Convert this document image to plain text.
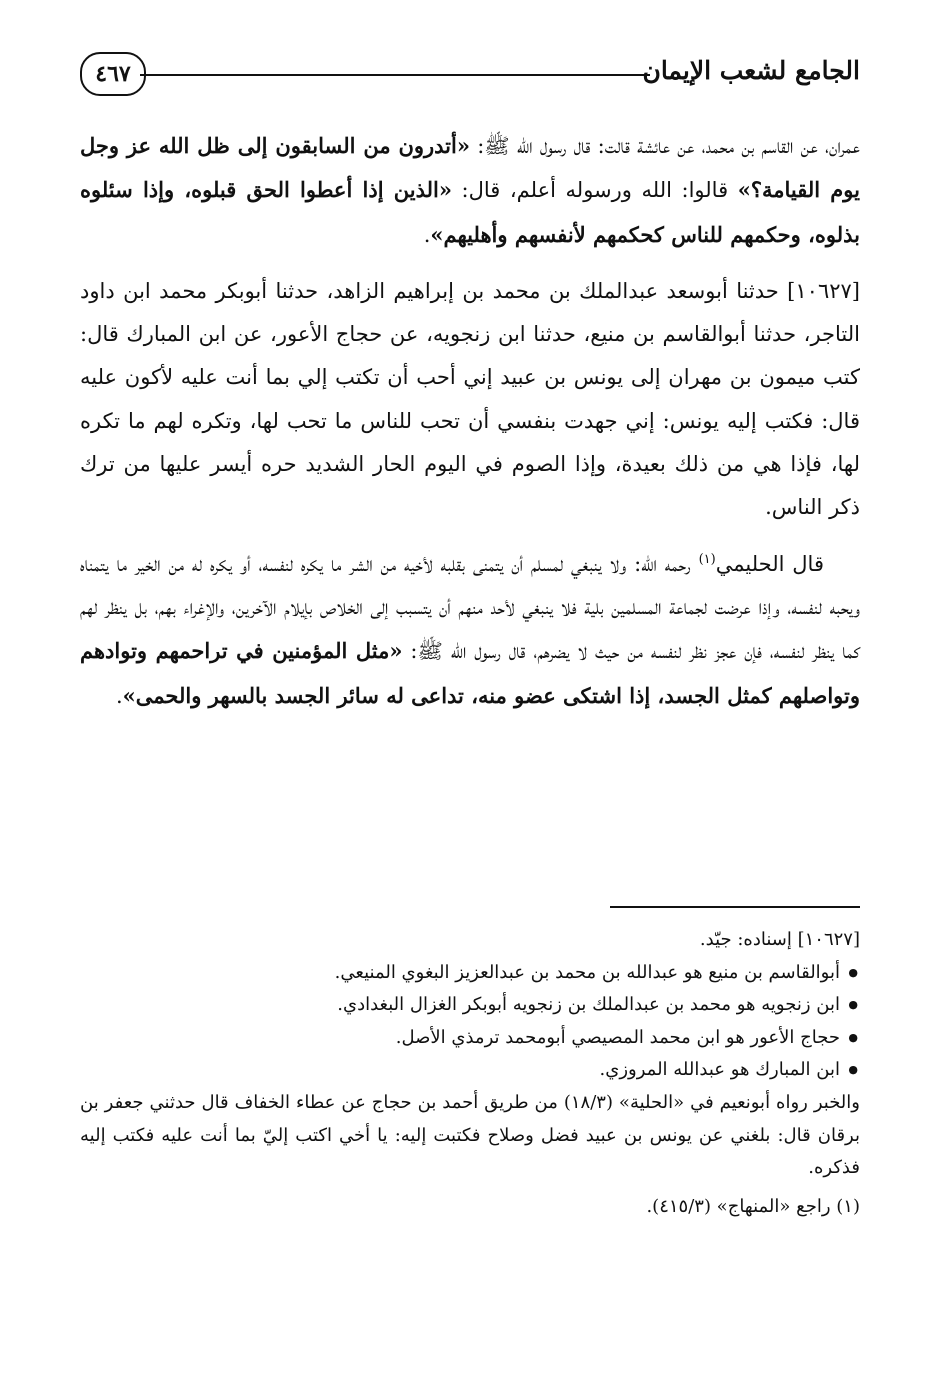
الجامع لشعب الإيمان
٤٦٧

عمران، عن القاسم بن محمد، عن عائشة قالت: قال رسول الله ﷺ: «أتدرون من السابقون إلى ظل الله عز وجل يوم القيامة؟» قالوا: الله ورسوله أعلم، قال: «الذين إذا أعطوا الحق قبلوه، وإذا سئلوه بذلوه، وحكمهم للناس كحكمهم لأنفسهم وأهليهم».

[١٠٦٢٧] حدثنا أبوسعد عبدالملك بن محمد بن إبراهيم الزاهد، حدثنا أبوبكر محمد ابن داود التاجر، حدثنا أبوالقاسم بن منيع، حدثنا ابن زنجويه، عن حجاج الأعور، عن ابن المبارك قال: كتب ميمون بن مهران إلى يونس بن عبيد إني أحب أن تكتب إلي بما أنت عليه لأكون عليه قال: فكتب إليه يونس: إني جهدت بنفسي أن تحب للناس ما تحب لها، وتكره لهم ما تكره لها، فإذا هي من ذلك بعيدة، وإذا الصوم في اليوم الحار الشديد حره أيسر عليها من ترك ذكر الناس.

قال الحليمي$^{(١)}$ رحمه الله: ولا ينبغي لمسلم أن يتمنى بقلبه لأخيه من الشر ما يكره لنفسه، أو يكره له من الخير ما يتمناه ويحبه لنفسه، وإذا عرضت لجماعة المسلمين بلية فلا ينبغي لأحد منهم أن يتسبب إلى الخلاص بإيلام الآخرين، والإغراء بهم، بل ينظر لهم كما ينظر لنفسه، فإن عجز نظر لنفسه من حيث لا يضرهم، قال رسول الله ﷺ: «مثل المؤمنين في تراحمهم وتوادهم وتواصلهم كمثل الجسد، إذا اشتكى عضو منه، تداعى له سائر الجسد بالسهر والحمى».

[١٠٦٢٧] إسناده: جيّد.

● أبوالقاسم بن منيع هو عبدالله بن محمد بن عبدالعزيز البغوي المنيعي.
● ابن زنجويه هو محمد بن عبدالملك بن زنجويه أبوبكر الغزال البغدادي.
● حجاج الأعور هو ابن محمد المصيصي أبومحمد ترمذي الأصل.
● ابن المبارك هو عبدالله المروزي.

والخبر رواه أبونعيم في «الحلية» (١٨/٣) من طريق أحمد بن حجاج عن عطاء الخفاف قال حدثني جعفر بن برقان قال: بلغني عن يونس بن عبيد فضل وصلاح فكتبت إليه: يا أخي اكتب إليّ بما أنت عليه فكتب إليه فذكره.

(١) راجع «المنهاج» (٤١٥/٣).
